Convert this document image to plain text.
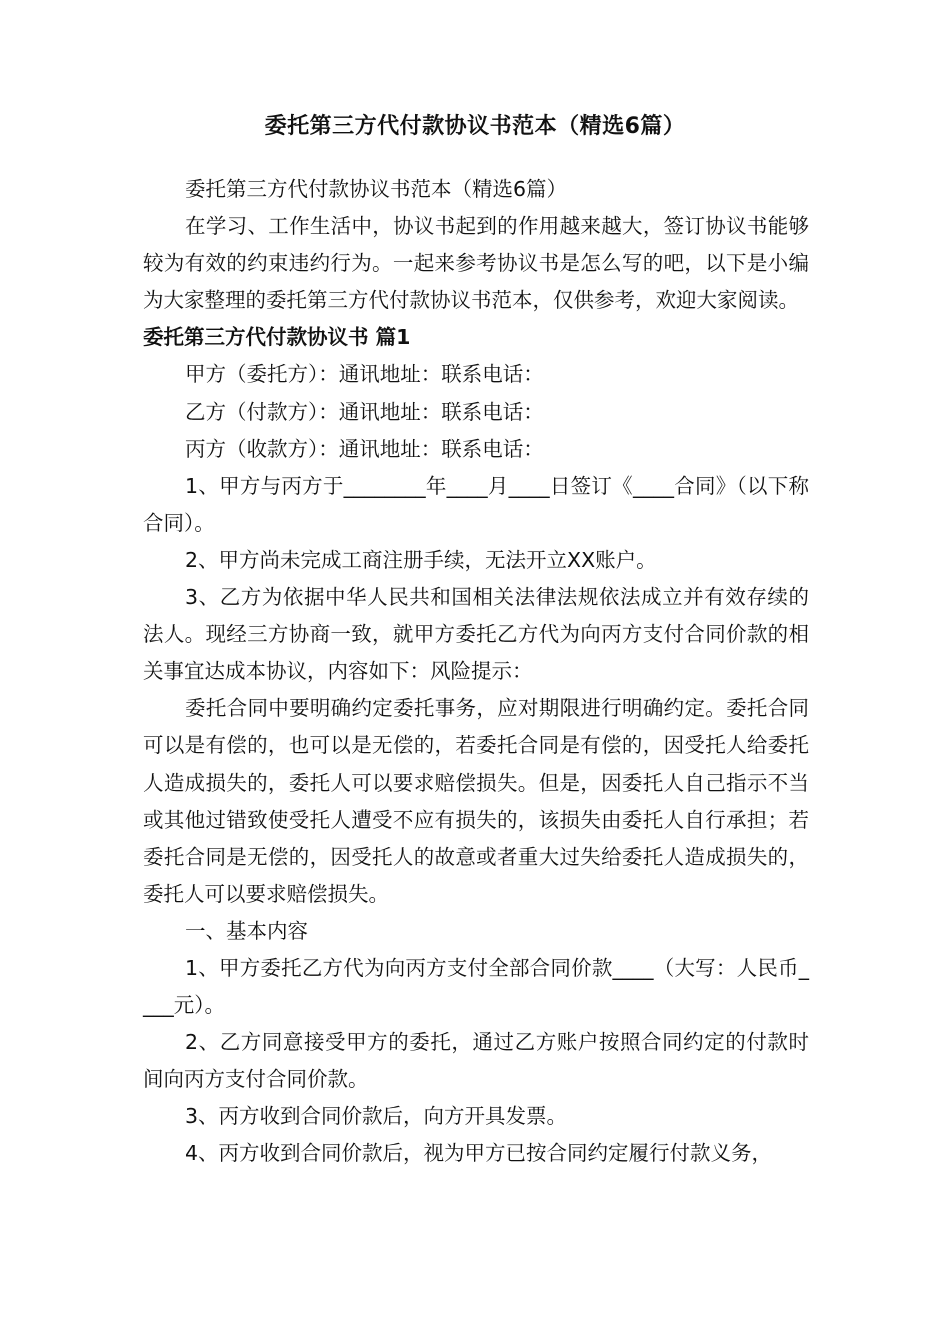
委托第三方代付款协议书范本（精选6篇）

委托第三方代付款协议书范本（精选6篇）

在学习、工作生活中，协议书起到的作用越来越大，签订协议书能够较为有效的约束违约行为。一起来参考协议书是怎么写的吧，以下是小编为大家整理的委托第三方代付款协议书范本，仅供参考，欢迎大家阅读。

委托第三方代付款协议书 篇1

甲方（委托方）：通讯地址：联系电话：

乙方（付款方）：通讯地址：联系电话：

丙方（收款方）：通讯地址：联系电话：

1、甲方与丙方于________年____月____日签订《____合同》（以下称合同）。

2、甲方尚未完成工商注册手续，无法开立XX账户。

3、乙方为依据中华人民共和国相关法律法规依法成立并有效存续的法人。现经三方协商一致，就甲方委托乙方代为向丙方支付合同价款的相关事宜达成本协议，内容如下：风险提示：

委托合同中要明确约定委托事务，应对期限进行明确约定。委托合同可以是有偿的，也可以是无偿的，若委托合同是有偿的，因受托人给委托人造成损失的，委托人可以要求赔偿损失。但是，因委托人自己指示不当或其他过错致使受托人遭受不应有损失的，该损失由委托人自行承担；若委托合同是无偿的，因受托人的故意或者重大过失给委托人造成损失的，委托人可以要求赔偿损失。

一、基本内容

1、甲方委托乙方代为向丙方支付全部合同价款____（大写：人民币____元）。

2、乙方同意接受甲方的委托，通过乙方账户按照合同约定的付款时间向丙方支付合同价款。

3、丙方收到合同价款后，向方开具发票。

4、丙方收到合同价款后，视为甲方已按合同约定履行付款义务，
